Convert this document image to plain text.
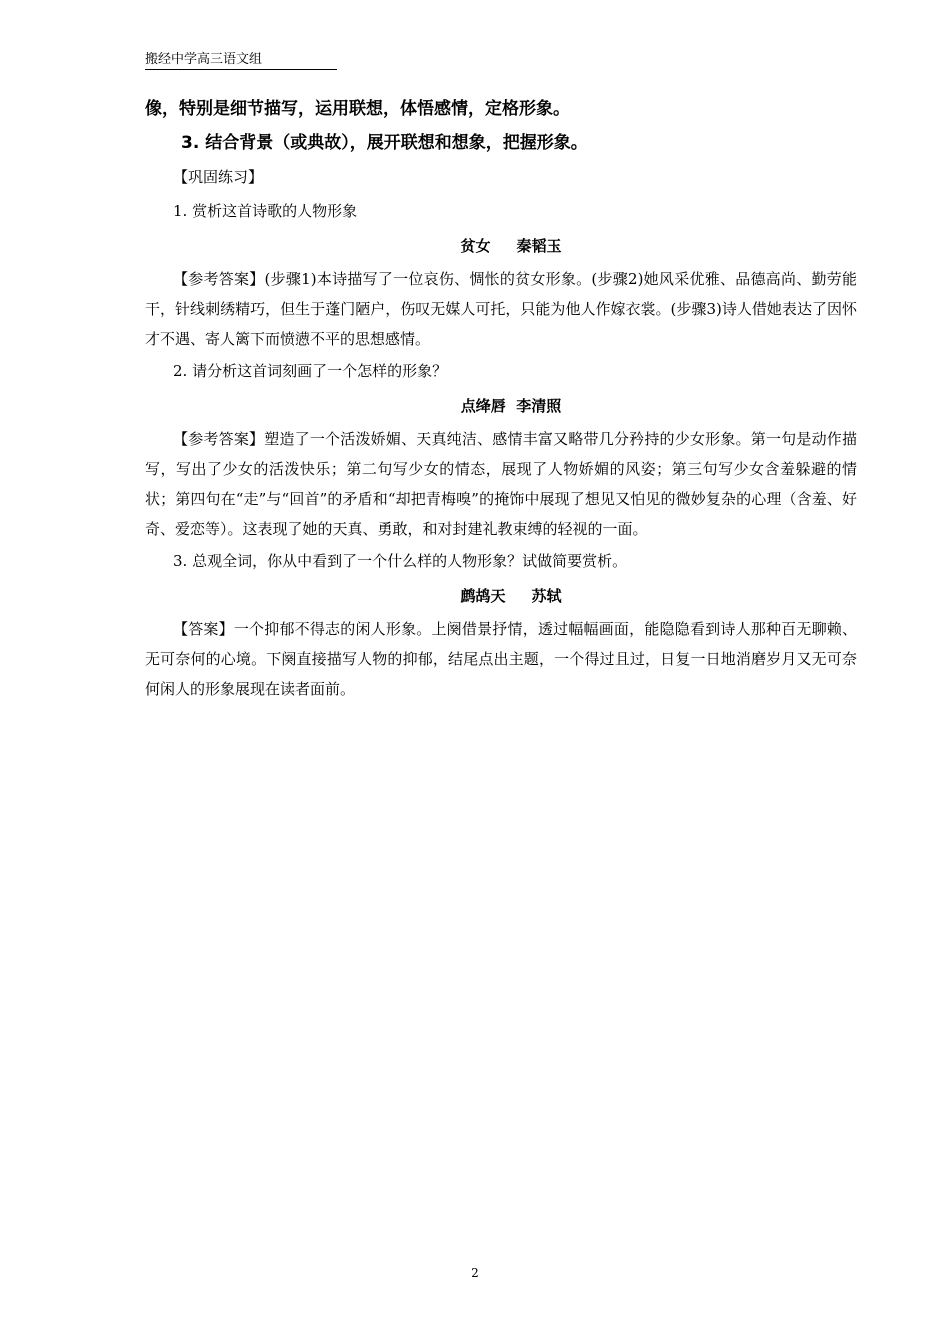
搬经中学高三语文组
像，特别是细节描写，运用联想，体悟感情，定格形象。
3. 结合背景（或典故），展开联想和想象，把握形象。
【巩固练习】
1. 赏析这首诗歌的人物形象
贫女     秦韬玉

【参考答案】(步骤1)本诗描写了一位哀伤、惆怅的贫女形象。(步骤2)她风采优雅、品德高尚、勤劳能干，针线刺绣精巧，但生于蓬门陋户，伤叹无媒人可托，只能为他人作嫁衣裳。(步骤3)诗人借她表达了因怀才不遇、寄人篱下而愤懑不平的思想感情。

2. 请分析这首词刻画了一个怎样的形象？
点绛唇  李清照

【参考答案】塑造了一个活泼娇媚、天真纯洁、感情丰富又略带几分矜持的少女形象。第一句是动作描写，写出了少女的活泼快乐；第二句写少女的情态，展现了人物娇媚的风姿；第三句写少女含羞躲避的情状；第四句在“走”与“回首”的矛盾和“却把青梅嗅”的掩饰中展现了想见又怕见的微妙复杂的心理（含羞、好奇、爱恋等）。这表现了她的天真、勇敢，和对封建礼教束缚的轻视的一面。

3. 总观全词，你从中看到了一个什么样的人物形象？试做简要赏析。
鹧鸪天     苏轼

【答案】一个抑郁不得志的闲人形象。上阕借景抒情，透过幅幅画面，能隐隐看到诗人那种百无聊赖、无可奈何的心境。下阕直接描写人物的抑郁，结尾点出主题，一个得过且过，日复一日地消磨岁月又无可奈何闲人的形象展现在读者面前。

2
